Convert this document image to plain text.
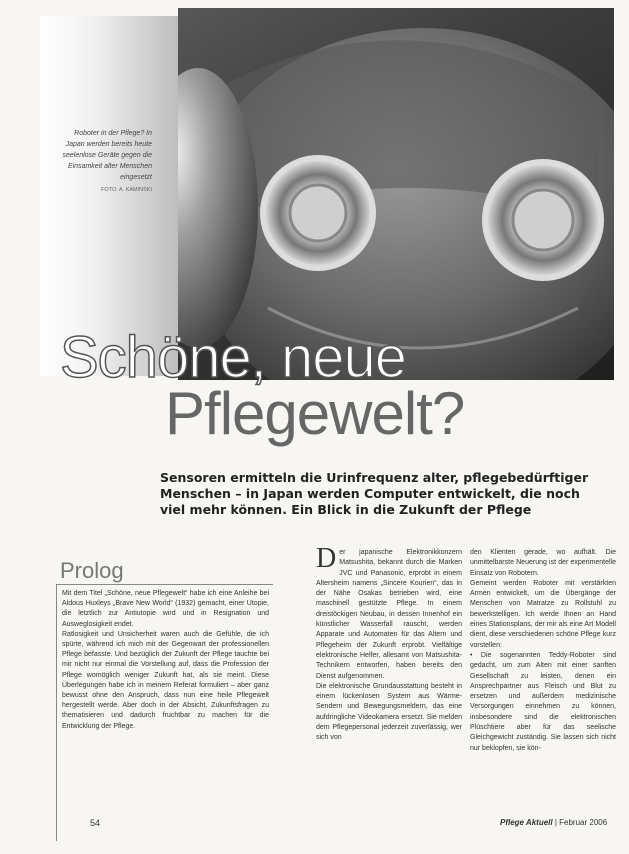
Roboter in der Pflege? In Japan werden bereits heute seelenlose Geräte gegen die Einsamkeit alter Menschen eingesetzt
FOTO: A. KAMINSKI
Schöne, neue
Pflegewelt?
Sensoren ermitteln die Urinfrequenz alter, pflegebedürftiger Menschen – in Japan werden Computer entwickelt, die noch viel mehr können. Ein Blick in die Zukunft der Pflege
Prolog
Mit dem Titel „Schöne, neue Pflegewelt“ habe ich eine Anleihe bei Aldous Huxleys „Brave New World“ (1932) gemacht, einer Utopie, die letztlich zur Antiutopie wird und in Resignation und Ausweglosigkeit endet.
Ratlosigkeit und Unsicherheit waren auch die Gefühle, die ich spürte, während ich mich mit der Gegenwart der professionellen Pflege befasste. Und bezüglich der Zukunft der Pflege tauchte bei mir nicht nur einmal die Vorstellung auf, dass die Profession der Pflege womöglich weniger Zukunft hat, als sie meint. Diese Überlegungen habe ich in meinem Referat formuliert – aber ganz bewusst ohne den Anspruch, dass nun eine heile Pflegewelt hergestellt werde. Aber doch in der Absicht, Zukunftsfragen zu thematisieren und dadurch fruchtbar zu machen für die Entwicklung der Pflege.
Der japanische Elektronikkonzern Matsushita, bekannt durch die Marken JVC und Panasonic, erprobt in einem Altersheim namens „Sincere Kourien“, das in der Nähe Osakas betrieben wird, eine maschinell gestützte Pflege. In einem dreistöckigen Neubau, in dessen Innenhof ein künstlicher Wasserfall rauscht, werden Apparate und Automaten für das Altern und Pflegeheim der Zukunft erprobt. Vielfältige elektronische Helfer, allesamt von Matsushita-Technikern entworfen, haben bereits den Dienst aufgenommen.
Die elektronische Grundausstattung besteht in einem lückenlosen System aus Wärme-Sendern und Bewegungsmeldern, das eine aufdringliche Videokamera ersetzt. Sie melden dem Pflegepersonal jederzeit zuverlässig, wer sich von
den Klienten gerade, wo aufhält. Die unmittelbarste Neuerung ist der experimentelle Einsatz von Robotern.
Gemeint werden Roboter mit verstärkten Armen entwickelt, um die Übergänge der Menschen von Matratze zu Rollstuhl zu bewerkstelligen. Ich werde Ihnen an Hand eines Stationsplans, der mir als eine Art Modell dient, diese verschiedenen schöne Pflege kurz vorstellen:
• Die sogenannten Teddy-Roboter sind gedacht, um zum Alten mit einer sanften Gesellschaft zu leisten, denen ein Ansprechpartner aus Fleisch und Blut zu ersetzen und außerdem medizinische Versorgungen einnehmen zu können, insbesondere sind die elektronischen Plüschtiere aber für das seelische Gleichgewicht zuständig. Sie lassen sich nicht nur beklopfen, sie kön-
54	Pflege Aktuell | Februar 2006
